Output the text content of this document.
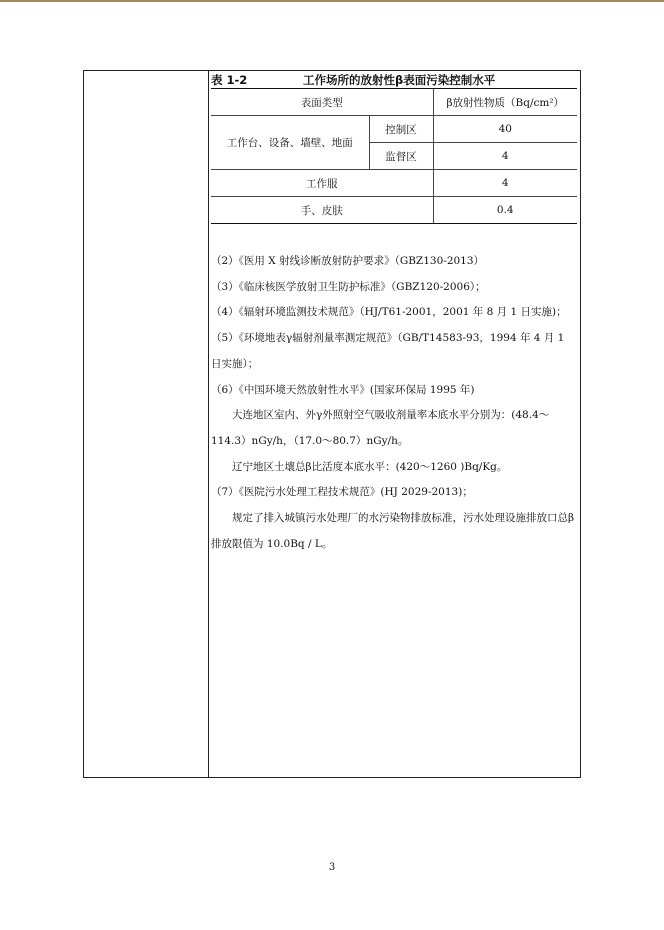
表 1-2	工作场所的放射性β表面污染控制水平
表面类型		β放射性物质（Bq/cm²）
工作台、设备、墙壁、地面	控制区	40
	监督区	4
工作服		4
手、皮肤		0.4

（2）《医用 X 射线诊断放射防护要求》（GBZ130-2013）

（3）《临床核医学放射卫生防护标准》（GBZ120-2006）；

（4）《辐射环境监测技术规范》（HJ/T61-2001，2001 年 8 月 1 日实施)；

（5）《环境地表γ辐射剂量率测定规范》（GB/T14583-93，1994 年 4 月 1 日实施）；

（6）《中国环境天然放射性水平》(国家环保局 1995 年)

大连地区室内、外γ外照射空气吸收剂量率本底水平分别为：(48.4～114.3）nGy/h，（17.0～80.7）nGy/h。

辽宁地区土壤总β比活度本底水平：(420～1260 )Bq/Kg。

（7）《医院污水处理工程技术规范》(HJ 2029-2013)；

规定了排入城镇污水处理厂的水污染物排放标准，污水处理设施排放口总β排放限值为 10.0Bq / L。

3
